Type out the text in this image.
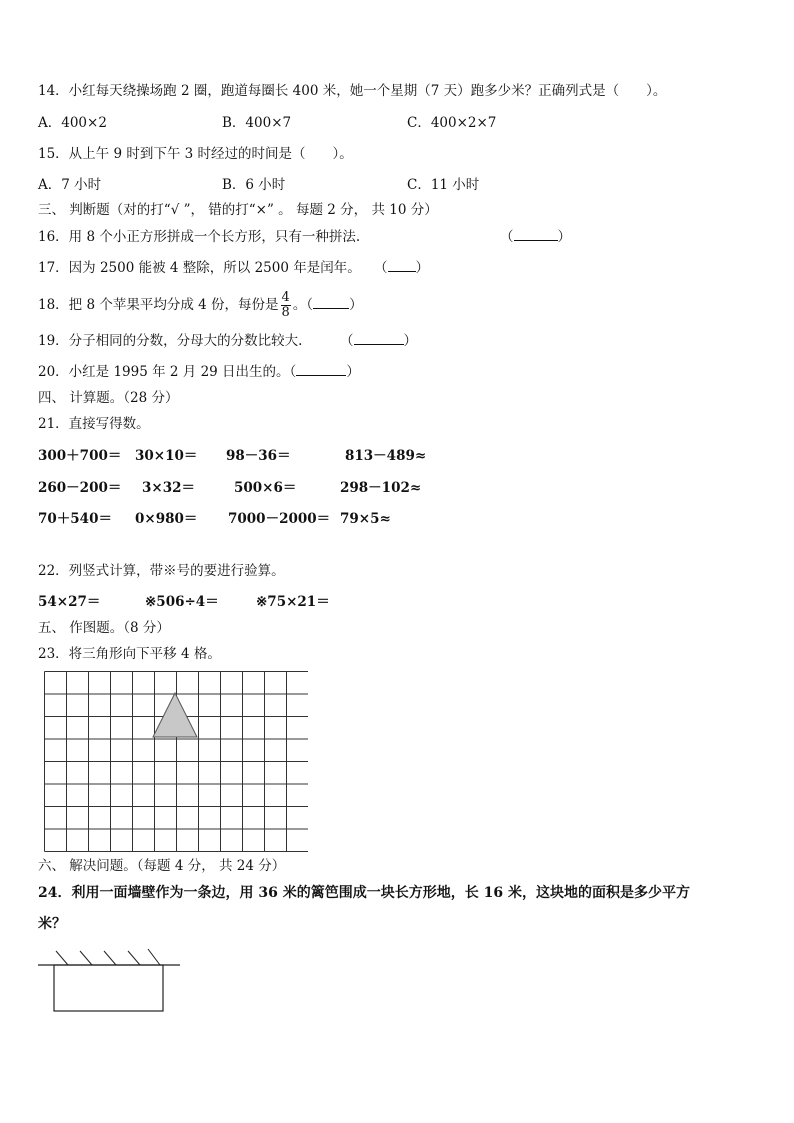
14．小红每天绕操场跑 2 圈，跑道每圈长 400 米，她一个星期（7 天）跑多少米？正确列式是（　　）。
A．400×2	B．400×7	C．400×2×7
15．从上午 9 时到下午 3 时经过的时间是（　　）。
A．7 小时	B．6 小时	C．11 小时
三、 判断题（对的打“√ ”， 错的打“×” 。 每题 2 分， 共 10 分）
16．用 8 个小正方形拼成一个长方形，只有一种拼法.	（	）
17．因为 2500 能被 4 整除，所以 2500 年是闰年。 （ ）
18．把 8 个苹果平均分成 4 份，每份是 $\frac{4}{8}$ 。（	）
19．分子相同的分数，分母大的分数比较大.	（	）
20．小红是 1995 年 2 月 29 日出生的。（	）
四、 计算题。（28 分）
21．直接写得数。
300＋700＝ 30×10＝ 98－36＝	813－489≈
260－200＝ 3×32＝	500×6＝	298－102≈
70＋540＝ 0×980＝ 7000－2000＝ 79×5≈
22．列竖式计算，带※号的要进行验算。
54×27＝	※506÷4＝	※75×21＝
五、 作图题。（8 分）
23．将三角形向下平移 4 格。
六、 解决问题。（每题 4 分， 共 24 分）
24．利用一面墙壁作为一条边，用 36 米的篱笆围成一块长方形地，长 16 米，这块地的面积是多少平方
米？
